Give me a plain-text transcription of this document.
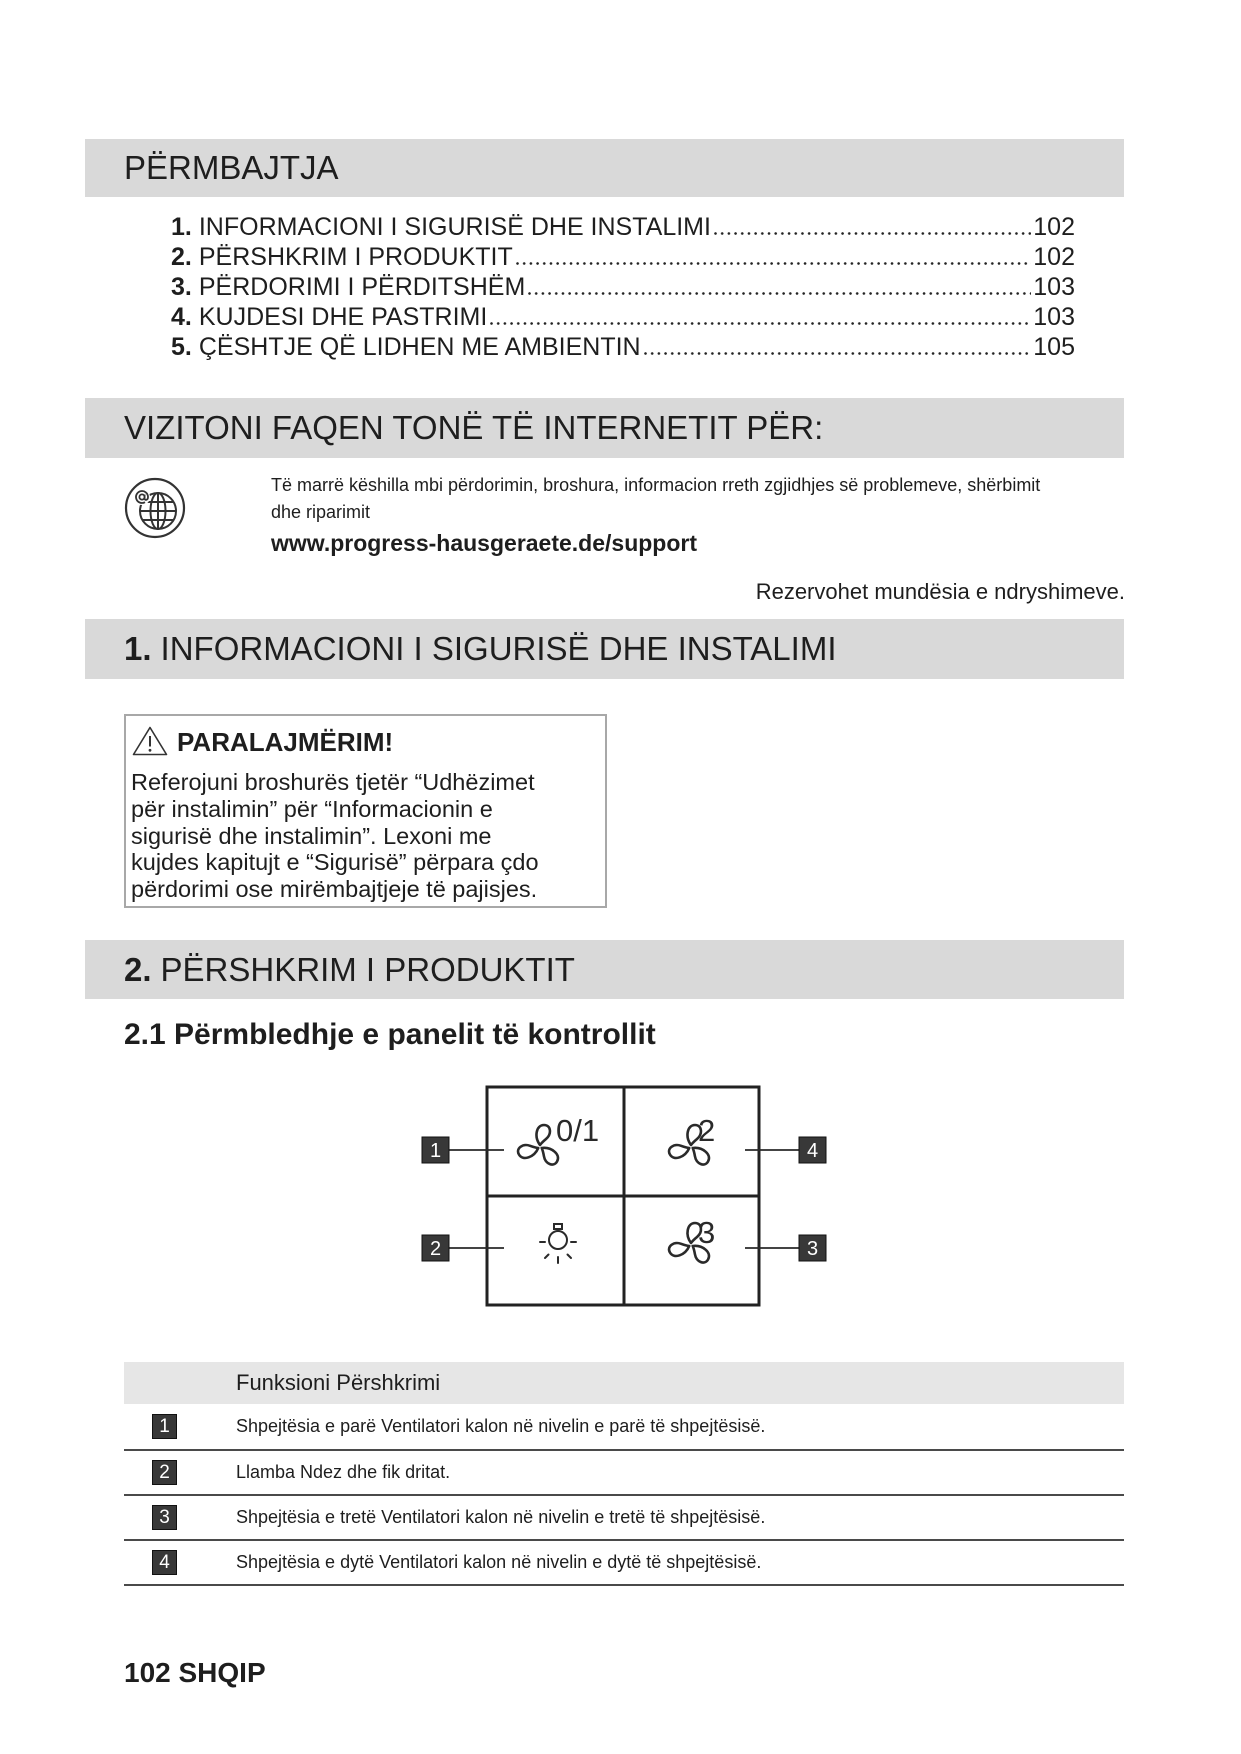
PËRMBAJTJA
1. INFORMACIONI I SIGURISË DHE INSTALIMI	102
2. PËRSHKRIM I PRODUKTIT	102
3. PËRDORIMI I PËRDITSHËM	103
4. KUJDESI DHE PASTRIMI	103
5. ÇËSHTJE QË LIDHEN ME AMBIENTIN	105
VIZITONI FAQEN TONË TË INTERNETIT PËR:
Të marrë këshilla mbi përdorimin, broshura, informacion rreth zgjidhjes së problemeve, shërbimit
dhe riparimit
www.progress-hausgeraete.de/support
Rezervohet mundësia e ndryshimeve.
1. INFORMACIONI I SIGURISË DHE INSTALIMI
PARALAJMËRIM!
Referojuni broshurës tjetër “Udhëzimet
për instalimin” për “Informacionin e
sigurisë dhe instalimin”. Lexoni me
kujdes kapitujt e “Sigurisë” përpara çdo
përdorimi ose mirëmbajtjeje të pajisjes.
2. PËRSHKRIM I PRODUKTIT
2.1 Përmbledhje e panelit të kontrollit
1	4
2	3
0/1	2
3
Funksioni Përshkrimi
1	Shpejtësia e parë Ventilatori kalon në nivelin e parë të shpejtësisë.
2	Llamba Ndez dhe fik dritat.
3	Shpejtësia e tretë Ventilatori kalon në nivelin e tretë të shpejtësisë.
4	Shpejtësia e dytë Ventilatori kalon në nivelin e dytë të shpejtësisë.
102 SHQIP
